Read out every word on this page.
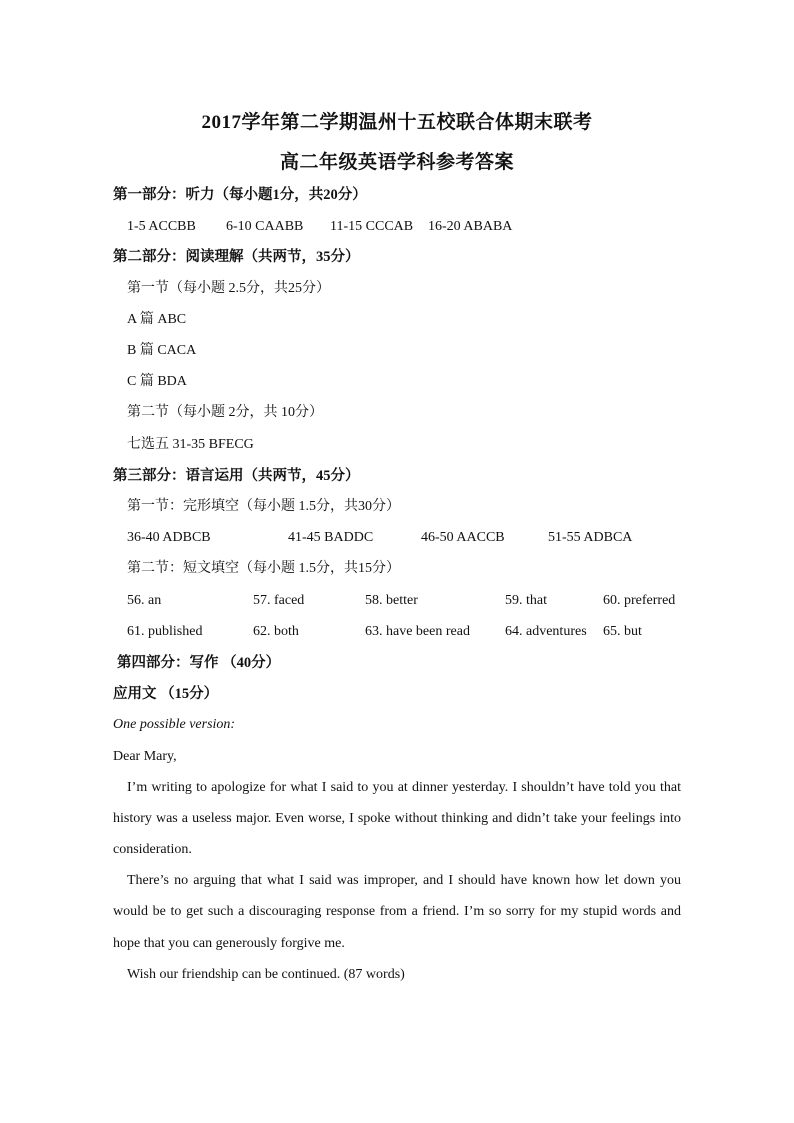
2017学年第二学期温州十五校联合体期末联考
高二年级英语学科参考答案
第一部分：听力（每小题1分，共20分）
1-5 ACCBB 6-10 CAABB 11-15 CCCAB 16-20 ABABA
第二部分：阅读理解（共两节，35分）
第一节（每小题 2.5分，共25分）
A 篇 ABC
B 篇 CACA
C 篇 BDA
第二节（每小题 2分，共 10分）
七选五 31-35 BFECG
第三部分：语言运用（共两节，45分）
第一节：完形填空（每小题 1.5分，共30分）
36-40 ADBCB	41-45 BADDC	46-50 AACCB	51-55 ADBCA
第二节：短文填空（每小题 1.5分，共15分）
56. an	57. faced	58. better	59. that	60. preferred
61. published	62. both	63. have been read	64. adventures 65. but
第四部分：写作 （40分）
应用文 （15分）
One possible version:
Dear Mary,
I’m writing to apologize for what I said to you at dinner yesterday. I shouldn’t have told you that
history was a useless major. Even worse, I spoke without thinking and didn’t take your feelings into
consideration.
There’s no arguing that what I said was improper, and I should have known how let down you
would be to get such a discouraging response from a friend. I’m so sorry for my stupid words and
hope that you can generously forgive me.
Wish our friendship can be continued. (87 words)
